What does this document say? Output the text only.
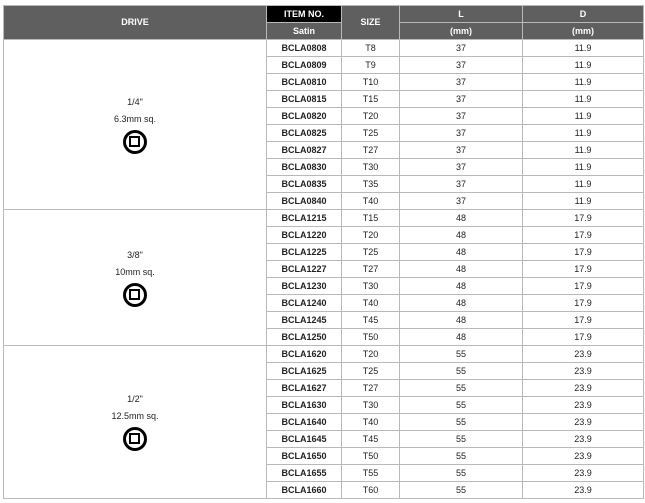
DRIVE	ITEM NO.	SIZE	L	D
	Satin		(mm)	(mm)

1/4"
6.3mm sq.	BCLA0808	T8	37	11.9
	BCLA0809	T9	37	11.9
	BCLA0810	T10	37	11.9
	BCLA0815	T15	37	11.9
	BCLA0820	T20	37	11.9
	BCLA0825	T25	37	11.9
	BCLA0827	T27	37	11.9
	BCLA0830	T30	37	11.9
	BCLA0835	T35	37	11.9
	BCLA0840	T40	37	11.9

3/8"
10mm sq.	BCLA1215	T15	48	17.9
	BCLA1220	T20	48	17.9
	BCLA1225	T25	48	17.9
	BCLA1227	T27	48	17.9
	BCLA1230	T30	48	17.9
	BCLA1240	T40	48	17.9
	BCLA1245	T45	48	17.9
	BCLA1250	T50	48	17.9

1/2"
12.5mm sq.	BCLA1620	T20	55	23.9
	BCLA1625	T25	55	23.9
	BCLA1627	T27	55	23.9
	BCLA1630	T30	55	23.9
	BCLA1640	T40	55	23.9
	BCLA1645	T45	55	23.9
	BCLA1650	T50	55	23.9
	BCLA1655	T55	55	23.9
	BCLA1660	T60	55	23.9
